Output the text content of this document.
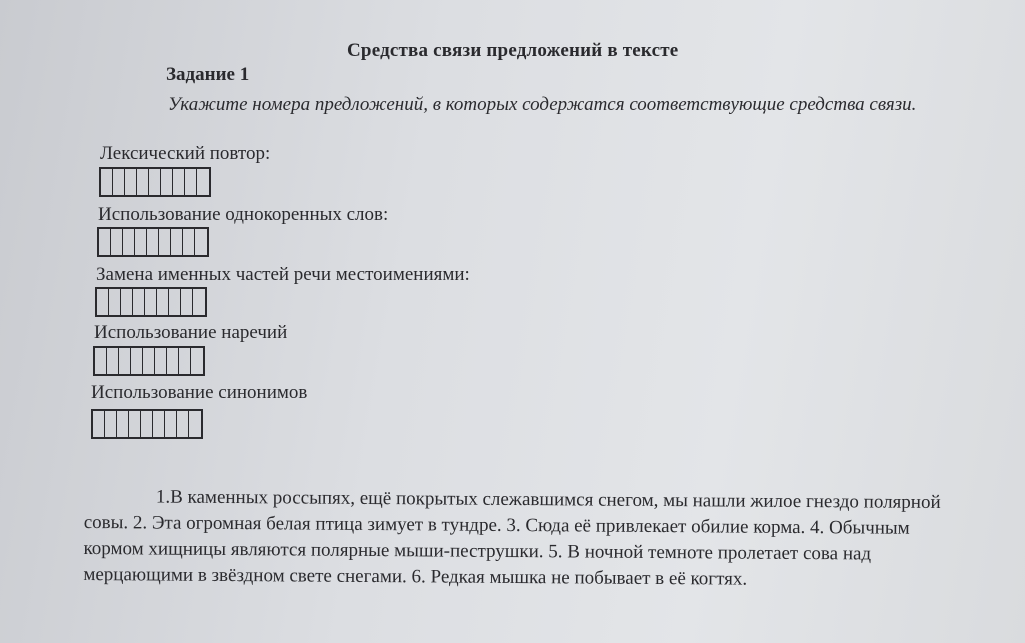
Средства связи предложений в тексте
Задание 1
Укажите номера предложений, в которых содержатся соответствующие средства связи.
Лексический повтор:
Использование однокоренных слов:
Замена именных частей речи местоимениями:
Использование наречий
Использование синонимов
1.В каменных россыпях, ещё покрытых слежавшимся снегом, мы нашли жилое гнездо полярной совы. 2. Эта огромная белая птица зимует в тундре. 3. Сюда её привлекает обилие корма. 4. Обычным кормом хищницы являются полярные мыши-пеструшки. 5. В ночной темноте пролетает сова над мерцающими в звёздном свете снегами. 6. Редкая мышка не побывает в её когтях.
